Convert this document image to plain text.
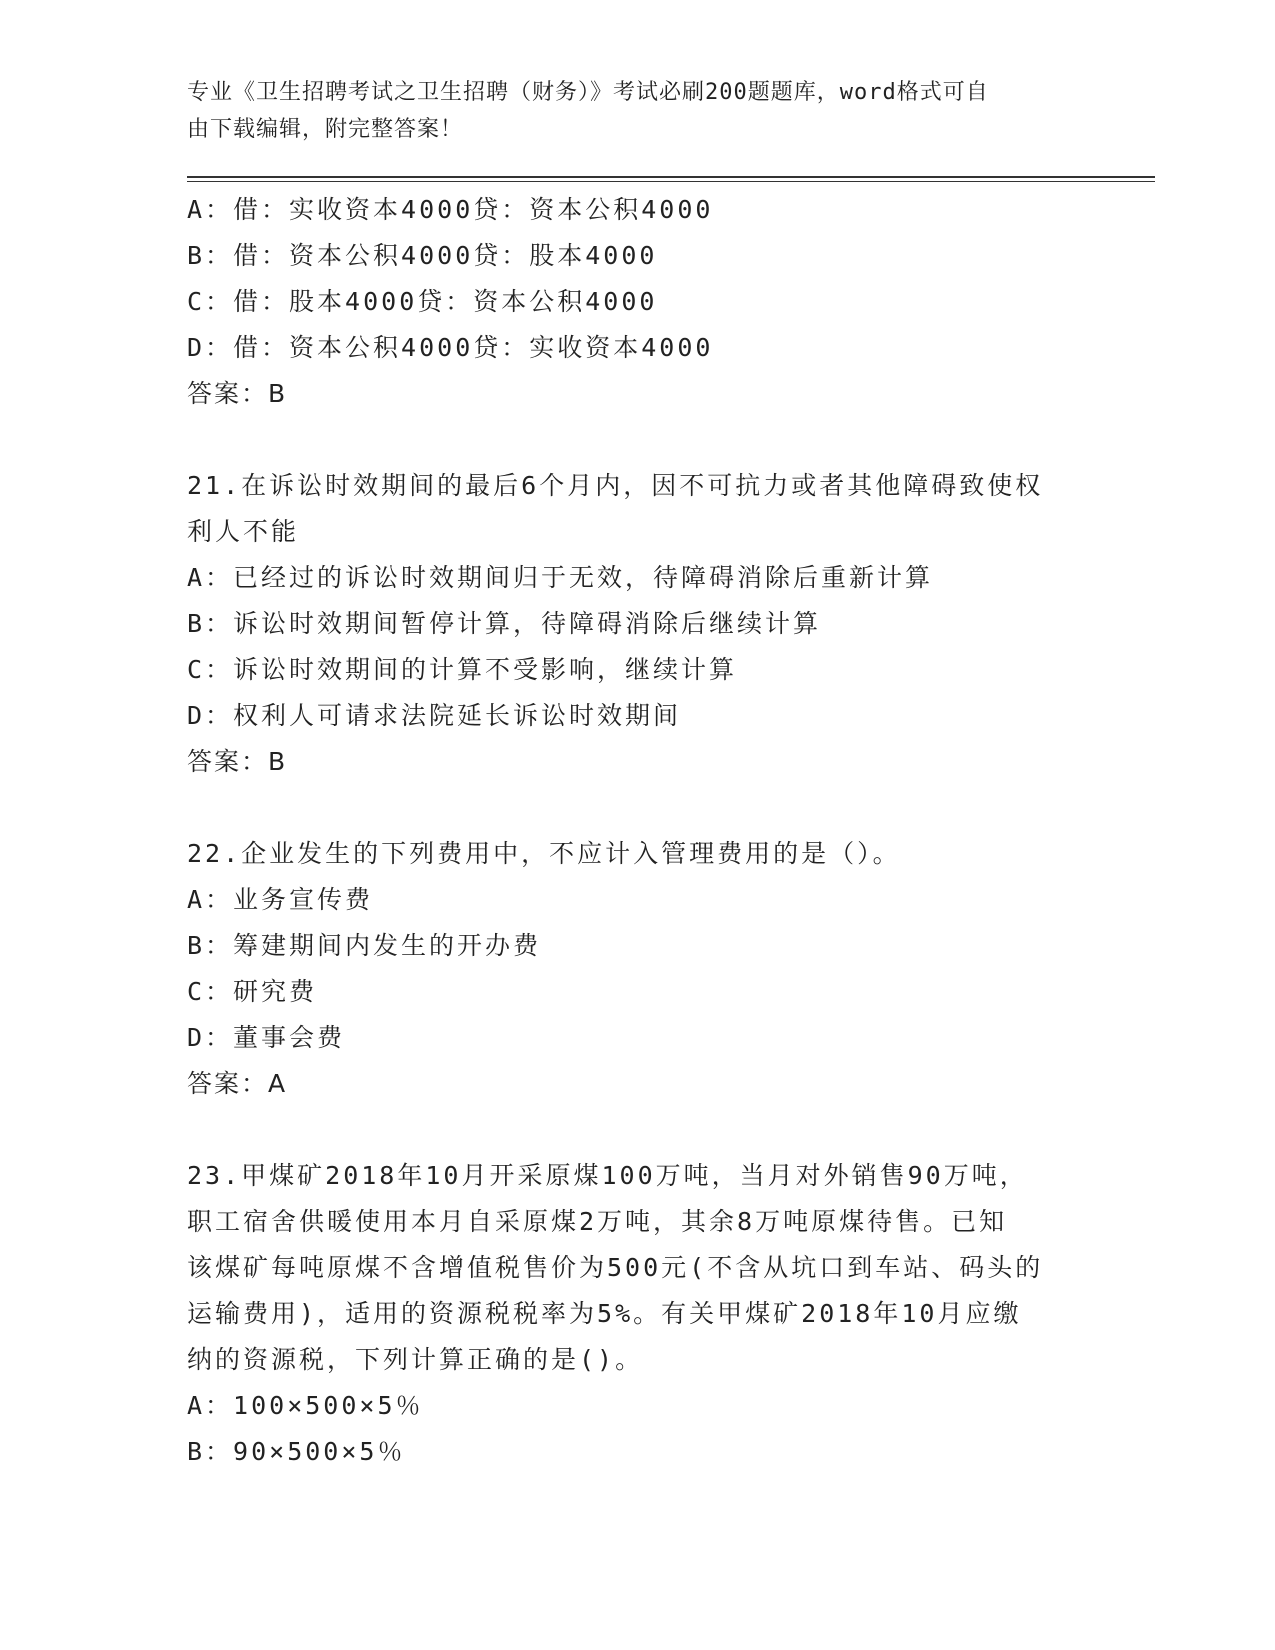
专业《卫生招聘考试之卫生招聘（财务）》考试必刷200题题库，word格式可自

由下载编辑，附完整答案！

A：借：实收资本4000贷：资本公积4000

B：借：资本公积4000贷：股本4000

C：借：股本4000贷：资本公积4000

D：借：资本公积4000贷：实收资本4000

答案：B

21.在诉讼时效期间的最后6个月内，因不可抗力或者其他障碍致使权

利人不能

A：已经过的诉讼时效期间归于无效，待障碍消除后重新计算

B：诉讼时效期间暂停计算，待障碍消除后继续计算

C：诉讼时效期间的计算不受影响，继续计算

D：权利人可请求法院延长诉讼时效期间

答案：B

22.企业发生的下列费用中，不应计入管理费用的是（）。

A：业务宣传费

B：筹建期间内发生的开办费

C：研究费

D：董事会费

答案：A

23.甲煤矿2018年10月开采原煤100万吨，当月对外销售90万吨，

职工宿舍供暖使用本月自采原煤2万吨，其余8万吨原煤待售。已知

该煤矿每吨原煤不含增值税售价为500元(不含从坑口到车站、码头的

运输费用)，适用的资源税税率为5%。有关甲煤矿2018年10月应缴

纳的资源税，下列计算正确的是()。

A：100×500×5％

B：90×500×5％
